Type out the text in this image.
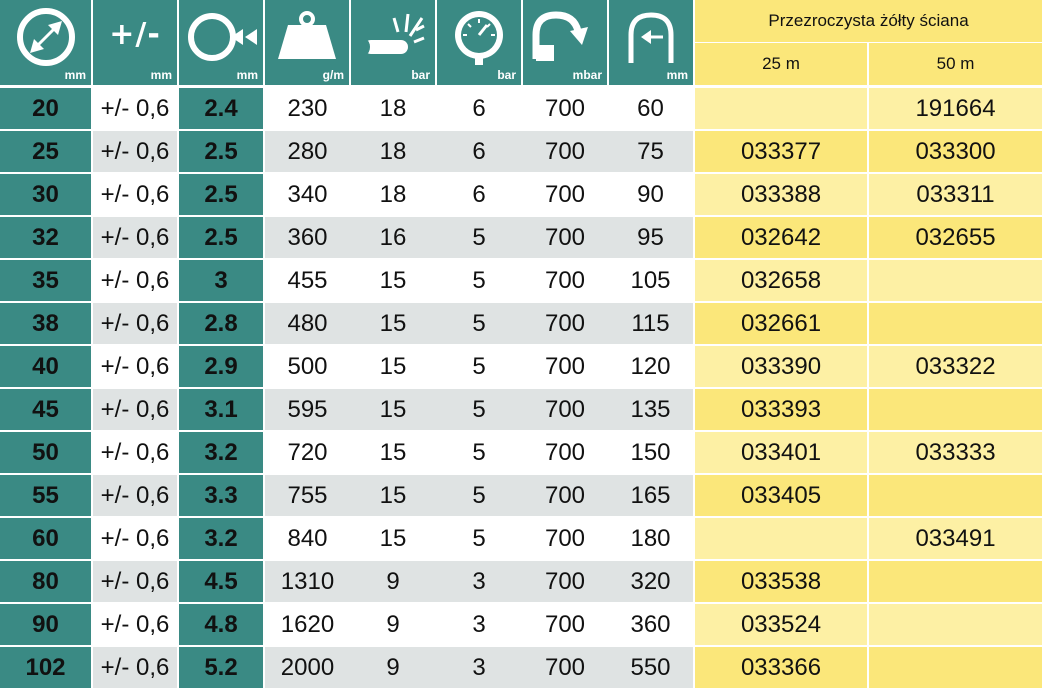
mm	+/-
mm	mm	g/m	bar	bar	mbar	mm	Przezroczysta żółty ściana	
								25 m	50 m
20	+/- 0,6	2.4	230	18	6	700	60		191664
25	+/- 0,6	2.5	280	18	6	700	75	033377	033300
30	+/- 0,6	2.5	340	18	6	700	90	033388	033311
32	+/- 0,6	2.5	360	16	5	700	95	032642	032655
35	+/- 0,6	3	455	15	5	700	105	032658	
38	+/- 0,6	2.8	480	15	5	700	115	032661	
40	+/- 0,6	2.9	500	15	5	700	120	033390	033322
45	+/- 0,6	3.1	595	15	5	700	135	033393	
50	+/- 0,6	3.2	720	15	5	700	150	033401	033333
55	+/- 0,6	3.3	755	15	5	700	165	033405	
60	+/- 0,6	3.2	840	15	5	700	180		033491
80	+/- 0,6	4.5	1310	9	3	700	320	033538	
90	+/- 0,6	4.8	1620	9	3	700	360	033524	
102	+/- 0,6	5.2	2000	9	3	700	550	033366	
